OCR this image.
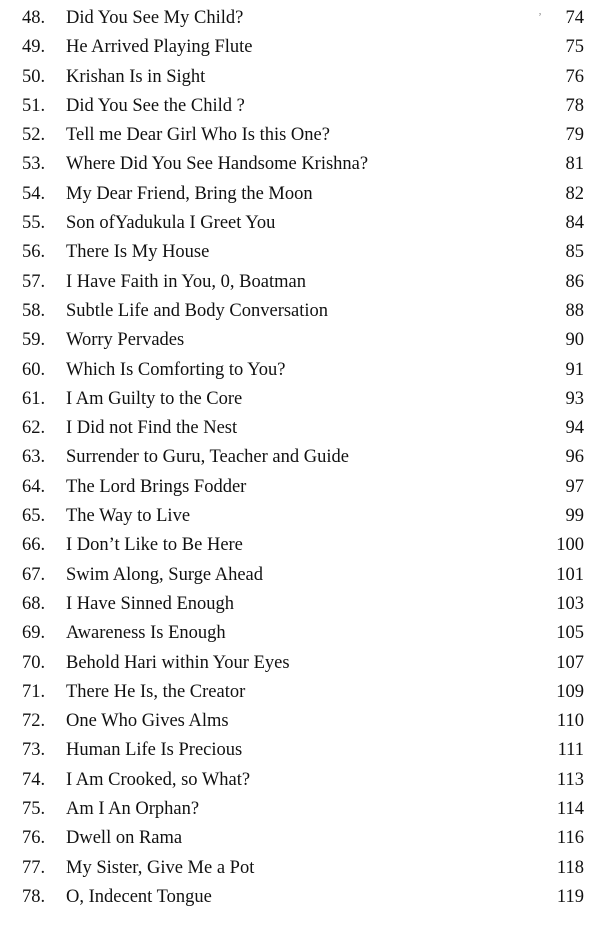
48.	Did You See My Child?	74
49.	He Arrived Playing Flute	75
50.	Krishan Is in Sight	76
51.	Did You See the Child ?	78
52.	Tell me Dear Girl Who Is this One?	79
53.	Where Did You See Handsome Krishna?	81
54.	My Dear Friend, Bring the Moon	82
55.	Son ofYadukula I Greet You	84
56.	There Is My House	85
57.	I Have Faith in You, 0, Boatman	86
58.	Subtle Life and Body Conversation	88
59.	Worry Pervades	90
60.	Which Is Comforting to You?	91
61.	I Am Guilty to the Core	93
62.	I Did not Find the Nest	94
63.	Surrender to Guru, Teacher and Guide	96
64.	The Lord Brings Fodder	97
65.	The Way to Live	99
66.	I Don’t Like to Be Here	100
67.	Swim Along, Surge Ahead	101
68.	I Have Sinned Enough	103
69.	Awareness Is Enough	105
70.	Behold Hari within Your Eyes	107
71.	There He Is, the Creator	109
72.	One Who Gives Alms	110
73.	Human Life Is Precious	111
74.	I Am Crooked, so What?	113
75.	Am I An Orphan?	114
76.	Dwell on Rama	116
77.	My Sister, Give Me a Pot	118
78.	O, Indecent Tongue	119
ʼ
